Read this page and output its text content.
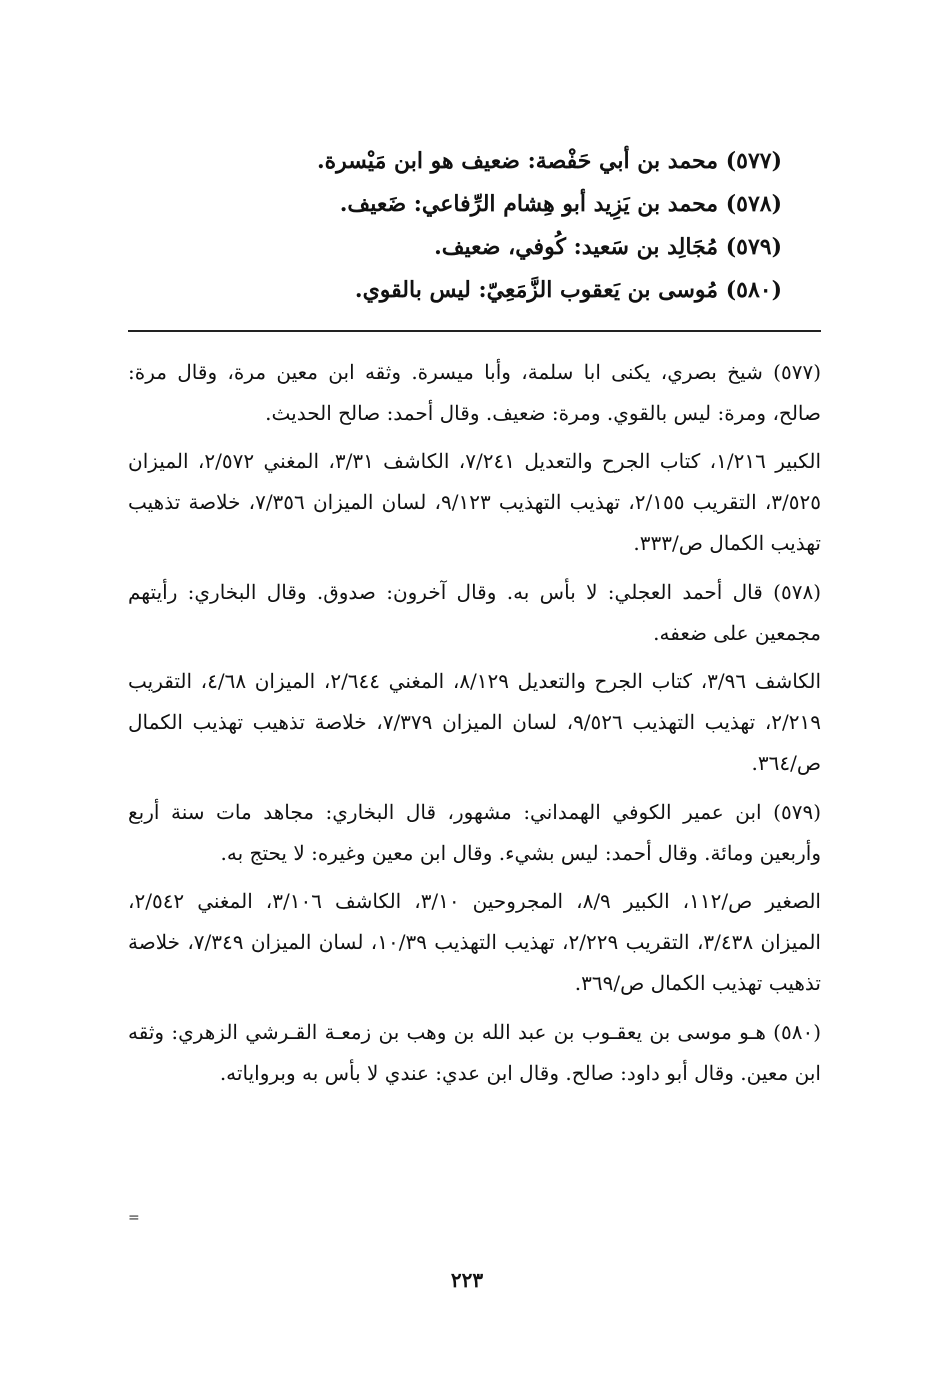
(٥٧٧) محمد بن أبي حَفْصة: ضعيف هو ابن مَيْسرة.
(٥٧٨) محمد بن يَزِيد أبو هِشام الرِّفاعي: ضَعيف.
(٥٧٩) مُجَالِد بن سَعيد: كُوفي، ضعيف.
(٥٨٠) مُوسى بن يَعقوب الزَّمَعِيّ: ليس بالقوي.

(٥٧٧) شيخ بصري، يكنى ابا سلمة، وأبا ميسرة. وثقه ابن معين مرة، وقال مرة: صالح، ومرة: ليس بالقوي. ومرة: ضعيف. وقال أحمد: صالح الحديث.

الكبير ١/٢١٦، كتاب الجرح والتعديل ٧/٢٤١، الكاشف ٣/٣١، المغني ٢/٥٧٢، الميزان ٣/٥٢٥، التقريب ٢/١٥٥، تهذيب التهذيب ٩/١٢٣، لسان الميزان ٧/٣٥٦، خلاصة تذهيب تهذيب الكمال ص/٣٣٣.

(٥٧٨) قال أحمد العجلي: لا بأس به. وقال آخرون: صدوق. وقال البخاري: رأيتهم مجمعين على ضعفه.

الكاشف ٣/٩٦، كتاب الجرح والتعديل ٨/١٢٩، المغني ٢/٦٤٤، الميزان ٤/٦٨، التقريب ٢/٢١٩، تهذيب التهذيب ٩/٥٢٦، لسان الميزان ٧/٣٧٩، خلاصة تذهيب تهذيب الكمال ص/٣٦٤.

(٥٧٩) ابن عمير الكوفي الهمداني: مشهور، قال البخاري: مجاهد مات سنة أربع وأربعين ومائة. وقال أحمد: ليس بشيء. وقال ابن معين وغيره: لا يحتج به.

الصغير ص/١١٢، الكبير ٨/٩، المجروحين ٣/١٠، الكاشف ٣/١٠٦، المغني ٢/٥٤٢، الميزان ٣/٤٣٨، التقريب ٢/٢٢٩، تهذيب التهذيب ١٠/٣٩، لسان الميزان ٧/٣٤٩، خلاصة تذهيب تهذيب الكمال ص/٣٦٩.

(٥٨٠) هـو موسى بن يعقـوب بن عبد الله بن وهب بن زمعـة القـرشي الزهري: وثقه ابن معين. وقال أبو داود: صالح. وقال ابن عدي: عندي لا بأس به وبرواياته.

=
٢٢٣
